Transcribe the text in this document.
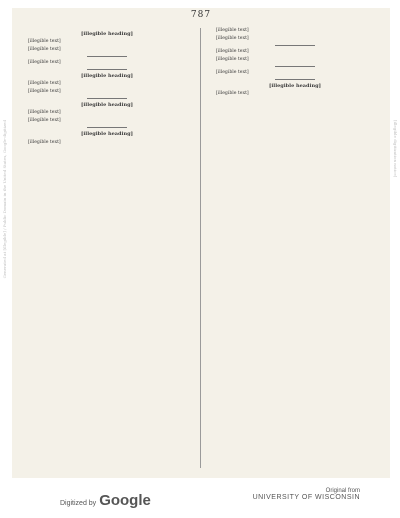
787
[illegible heading]

[illegible text]

[illegible text]

[illegible text]

[illegible heading]

[illegible text]

[illegible text]

[illegible heading]

[illegible text]

[illegible text]

[illegible heading]

[illegible text]

[illegible text]

[illegible text]

[illegible text]

[illegible text]

[illegible text]

[illegible heading]

[illegible text]

Generated at [illegible] / Public Domain in the United States, Google-digitized	[illegible digitization notice]
Digitized by Google
Original from
UNIVERSITY OF WISCONSIN
